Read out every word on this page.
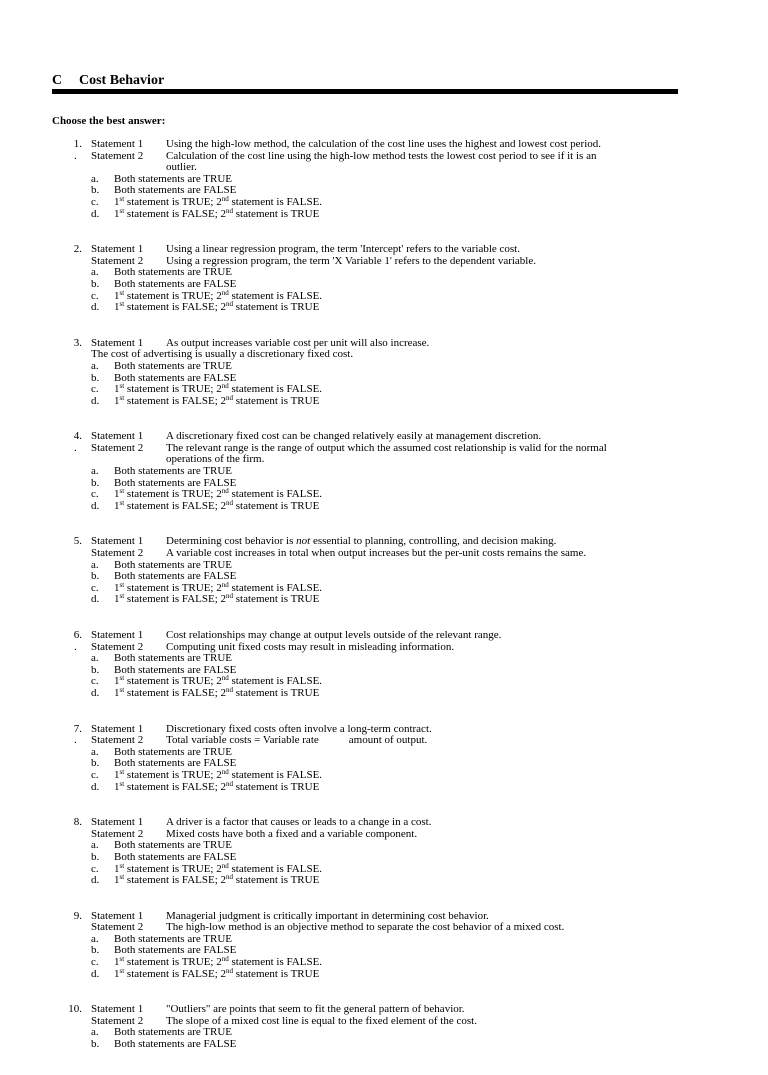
C Cost Behavior
Choose the best answer:
1. Statement 1 Using the high-low method, the calculation of the cost line uses the highest and lowest cost period.
. Statement 2 Calculation of the cost line using the high-low method tests the lowest cost period to see if it is an
outlier.
a. Both statements are TRUE
b. Both statements are FALSE
c. 1st statement is TRUE; 2nd statement is FALSE.
d. 1st statement is FALSE; 2nd statement is TRUE
2. Statement 1 Using a linear regression program, the term 'Intercept' refers to the variable cost.
Statement 2 Using a regression program, the term 'X Variable 1' refers to the dependent variable.
a. Both statements are TRUE
b. Both statements are FALSE
c. 1st statement is TRUE; 2nd statement is FALSE.
d. 1st statement is FALSE; 2nd statement is TRUE
3. Statement 1 As output increases variable cost per unit will also increase.
The cost of advertising is usually a discretionary fixed cost.
a. Both statements are TRUE
b. Both statements are FALSE
c. 1st statement is TRUE; 2nd statement is FALSE.
d. 1st statement is FALSE; 2nd statement is TRUE
4. Statement 1 A discretionary fixed cost can be changed relatively easily at management discretion.
. Statement 2 The relevant range is the range of output which the assumed cost relationship is valid for the normal
operations of the firm.
a. Both statements are TRUE
b. Both statements are FALSE
c. 1st statement is TRUE; 2nd statement is FALSE.
d. 1st statement is FALSE; 2nd statement is TRUE
5. Statement 1 Determining cost behavior is not essential to planning, controlling, and decision making.
Statement 2 A variable cost increases in total when output increases but the per-unit costs remains the same.
a. Both statements are TRUE
b. Both statements are FALSE
c. 1st statement is TRUE; 2nd statement is FALSE.
d. 1st statement is FALSE; 2nd statement is TRUE
6. Statement 1 Cost relationships may change at output levels outside of the relevant range.
. Statement 2 Computing unit fixed costs may result in misleading information.
a. Both statements are TRUE
b. Both statements are FALSE
c. 1st statement is TRUE; 2nd statement is FALSE.
d. 1st statement is FALSE; 2nd statement is TRUE
7. Statement 1 Discretionary fixed costs often involve a long-term contract.
. Statement 2 Total variable costs = Variable rate	amount of output.
a. Both statements are TRUE
b. Both statements are FALSE
c. 1st statement is TRUE; 2nd statement is FALSE.
d. 1st statement is FALSE; 2nd statement is TRUE
8. Statement 1 A driver is a factor that causes or leads to a change in a cost.
Statement 2 Mixed costs have both a fixed and a variable component.
a. Both statements are TRUE
b. Both statements are FALSE
c. 1st statement is TRUE; 2nd statement is FALSE.
d. 1st statement is FALSE; 2nd statement is TRUE
9. Statement 1 Managerial judgment is critically important in determining cost behavior.
Statement 2 The high-low method is an objective method to separate the cost behavior of a mixed cost.
a. Both statements are TRUE
b. Both statements are FALSE
c. 1st statement is TRUE; 2nd statement is FALSE.
d. 1st statement is FALSE; 2nd statement is TRUE
10. Statement 1 "Outliers" are points that seem to fit the general pattern of behavior.
Statement 2 The slope of a mixed cost line is equal to the fixed element of the cost.
a. Both statements are TRUE
b. Both statements are FALSE
